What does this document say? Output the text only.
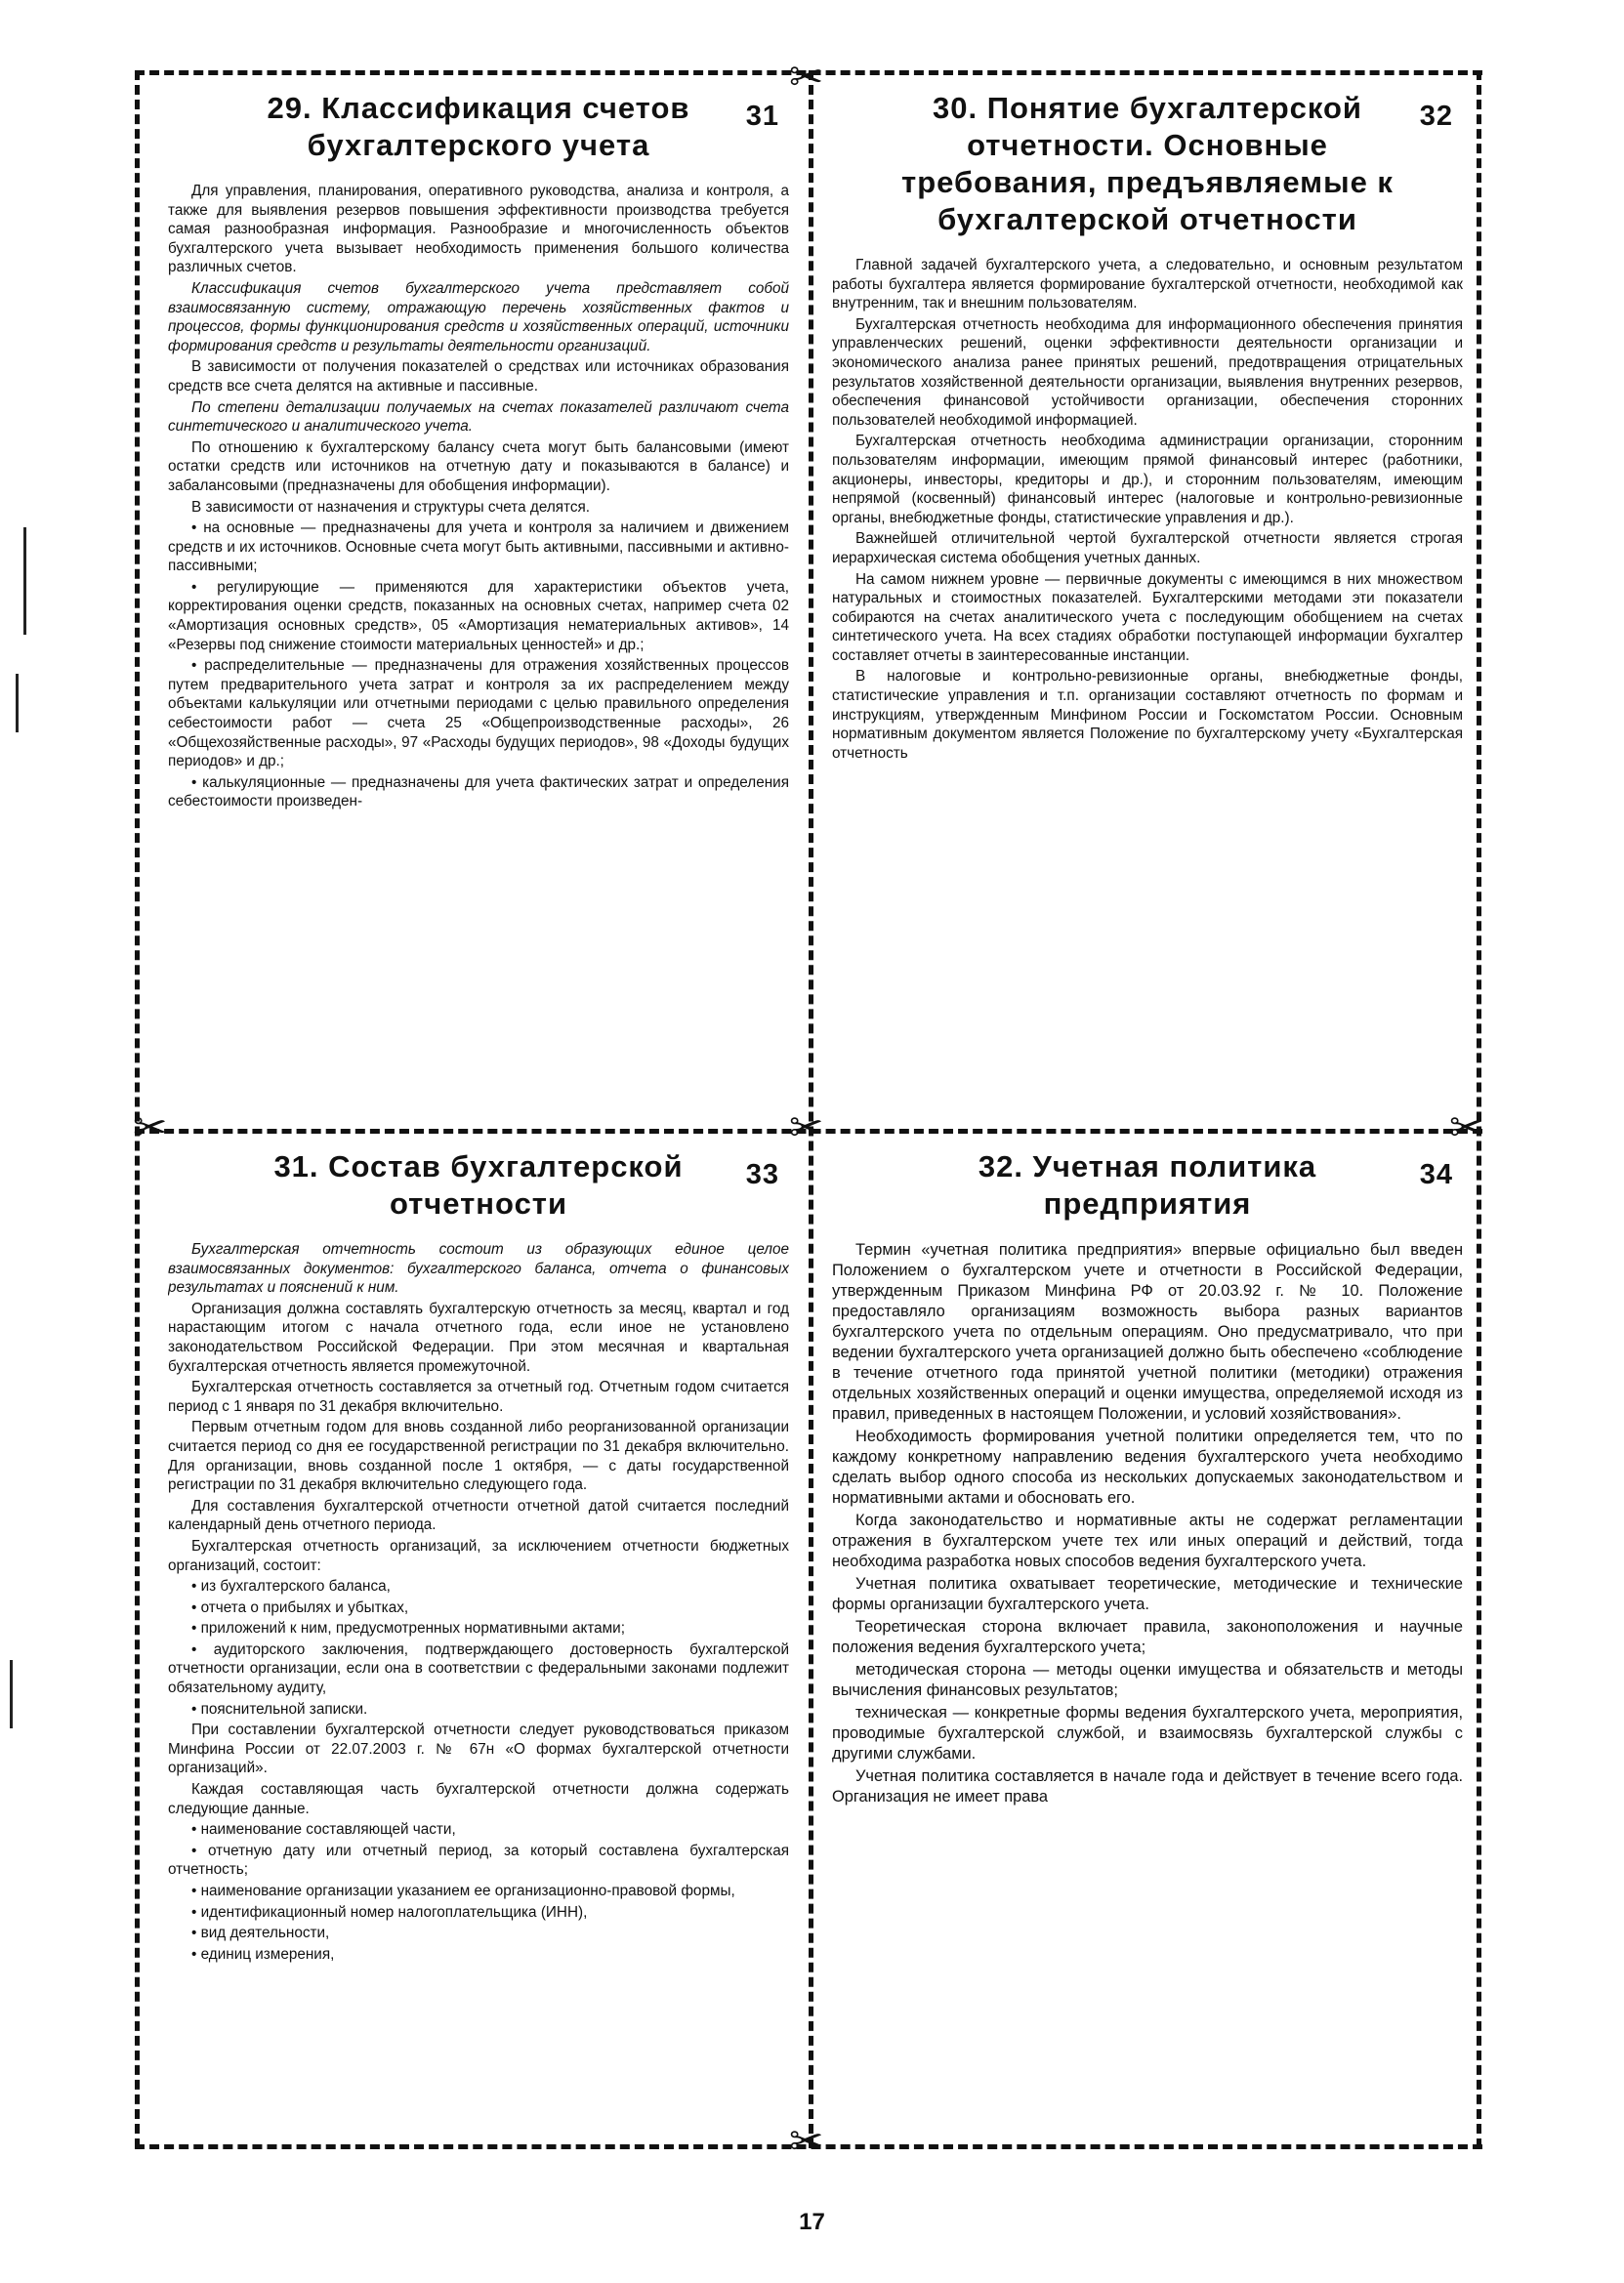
✂
✂	✂	✂
✂
29. Классификация счетов бухгалтерского учета
31

Для управления, планирования, оперативного руководства, анализа и контроля, а также для выявления резервов повышения эффективности производства требуется самая разнообразная информация. Разнообразие и многочисленность объектов бухгалтерского учета вызывает необходимость применения большого количества различных счетов.

Классификация счетов бухгалтерского учета представляет собой взаимосвязанную систему, отражающую перечень хозяйственных фактов и процессов, формы функционирования средств и хозяйственных операций, источники формирования средств и результаты деятельности организаций.

В зависимости от получения показателей о средствах или источниках образования средств все счета делятся на активные и пассивные.

По степени детализации получаемых на счетах показателей различают счета синтетического и аналитического учета.

По отношению к бухгалтерскому балансу счета могут быть балансовыми (имеют остатки средств или источников на отчетную дату и показываются в балансе) и забалансовыми (предназначены для обобщения информации).

В зависимости от назначения и структуры счета делятся.

• на основные — предназначены для учета и контроля за наличием и движением средств и их источников. Основные счета могут быть активными, пассивными и активно-пассивными;

• регулирующие — применяются для характеристики объектов учета, корректирования оценки средств, показанных на основных счетах, например счета 02 «Амортизация основных средств», 05 «Амортизация нематериальных активов», 14 «Резервы под снижение стоимости материальных ценностей» и др.;

• распределительные — предназначены для отражения хозяйственных процессов путем предварительного учета затрат и контроля за их распределением между объектами калькуляции или отчетными периодами с целью правильного определения себестоимости работ — счета 25 «Общепроизводственные расходы», 26 «Общехозяйственные расходы», 97 «Расходы будущих периодов», 98 «Доходы будущих периодов» и др.;

• калькуляционные — предназначены для учета фактических затрат и определения себестоимости произведен-

30. Понятие бухгалтерской отчетности. Основные требования, предъявляемые к бухгалтерской отчетности
32

Главной задачей бухгалтерского учета, а следовательно, и основным результатом работы бухгалтера является формирование бухгалтерской отчетности, необходимой как внутренним, так и внешним пользователям.

Бухгалтерская отчетность необходима для информационного обеспечения принятия управленческих решений, оценки эффективности деятельности организации и экономического анализа ранее принятых решений, предотвращения отрицательных результатов хозяйственной деятельности организации, выявления внутренних резервов, обеспечения финансовой устойчивости организации, обеспечения сторонних пользователей необходимой информацией.

Бухгалтерская отчетность необходима администрации организации, сторонним пользователям информации, имеющим прямой финансовый интерес (работники, акционеры, инвесторы, кредиторы и др.), и сторонним пользователям, имеющим непрямой (косвенный) финансовый интерес (налоговые и контрольно-ревизионные органы, внебюджетные фонды, статистические управления и др.).

Важнейшей отличительной чертой бухгалтерской отчетности является строгая иерархическая система обобщения учетных данных.

На самом нижнем уровне — первичные документы с имеющимся в них множеством натуральных и стоимостных показателей. Бухгалтерскими методами эти показатели собираются на счетах аналитического учета с последующим обобщением на счетах синтетического учета. На всех стадиях обработки поступающей информации бухгалтер составляет отчеты в заинтересованные инстанции.

В налоговые и контрольно-ревизионные органы, внебюджетные фонды, статистические управления и т.п. организации составляют отчетность по формам и инструкциям, утвержденным Минфином России и Госкомстатом России. Основным нормативным документом является Положение по бухгалтерскому учету «Бухгалтерская отчетность

31. Состав бухгалтерской отчетности
33

Бухгалтерская отчетность состоит из образующих единое целое взаимосвязанных документов: бухгалтерского баланса, отчета о финансовых результатах и пояснений к ним.

Организация должна составлять бухгалтерскую отчетность за месяц, квартал и год нарастающим итогом с начала отчетного года, если иное не установлено законодательством Российской Федерации. При этом месячная и квартальная бухгалтерская отчетность является промежуточной.

Бухгалтерская отчетность составляется за отчетный год. Отчетным годом считается период с 1 января по 31 декабря включительно.

Первым отчетным годом для вновь созданной либо реорганизованной организации считается период со дня ее государственной регистрации по 31 декабря включительно. Для организации, вновь созданной после 1 октября, — с даты государственной регистрации по 31 декабря включительно следующего года.

Для составления бухгалтерской отчетности отчетной датой считается последний календарный день отчетного периода.

Бухгалтерская отчетность организаций, за исключением отчетности бюджетных организаций, состоит:

• из бухгалтерского баланса,

• отчета о прибылях и убытках,

• приложений к ним, предусмотренных нормативными актами;

• аудиторского заключения, подтверждающего достоверность бухгалтерской отчетности организации, если она в соответствии с федеральными законами подлежит обязательному аудиту,

• пояснительной записки.

При составлении бухгалтерской отчетности следует руководствоваться приказом Минфина России от 22.07.2003 г. № 67н «О формах бухгалтерской отчетности организаций».

Каждая составляющая часть бухгалтерской отчетности должна содержать следующие данные.

• наименование составляющей части,

• отчетную дату или отчетный период, за который составлена бухгалтерская отчетность;

• наименование организации указанием ее организационно-правовой формы,

• идентификационный номер налогоплательщика (ИНН),

• вид деятельности,

• единиц измерения,

32. Учетная политика предприятия
34

Термин «учетная политика предприятия» впервые официально был введен Положением о бухгалтерском учете и отчетности в Российской Федерации, утвержденным Приказом Минфина РФ от 20.03.92 г. № 10. Положение предоставляло организациям возможность выбора разных вариантов бухгалтерского учета по отдельным операциям. Оно предусматривало, что при ведении бухгалтерского учета организацией должно быть обеспечено «соблюдение в течение отчетного года принятой учетной политики (методики) отражения отдельных хозяйственных операций и оценки имущества, определяемой исходя из правил, приведенных в настоящем Положении, и условий хозяйствования».

Необходимость формирования учетной политики определяется тем, что по каждому конкретному направлению ведения бухгалтерского учета необходимо сделать выбор одного способа из нескольких допускаемых законодательством и нормативными актами и обосновать его.

Когда законодательство и нормативные акты не содержат регламентации отражения в бухгалтерском учете тех или иных операций и действий, тогда необходима разработка новых способов ведения бухгалтерского учета.

Учетная политика охватывает теоретические, методические и технические формы организации бухгалтерского учета.

Теоретическая сторона включает правила, законоположения и научные положения ведения бухгалтерского учета;

методическая сторона — методы оценки имущества и обязательств и методы вычисления финансовых результатов;

техническая — конкретные формы ведения бухгалтерского учета, мероприятия, проводимые бухгалтерской службой, и взаимосвязь бухгалтерской службы с другими службами.

Учетная политика составляется в начале года и действует в течение всего года. Организация не имеет права

17
